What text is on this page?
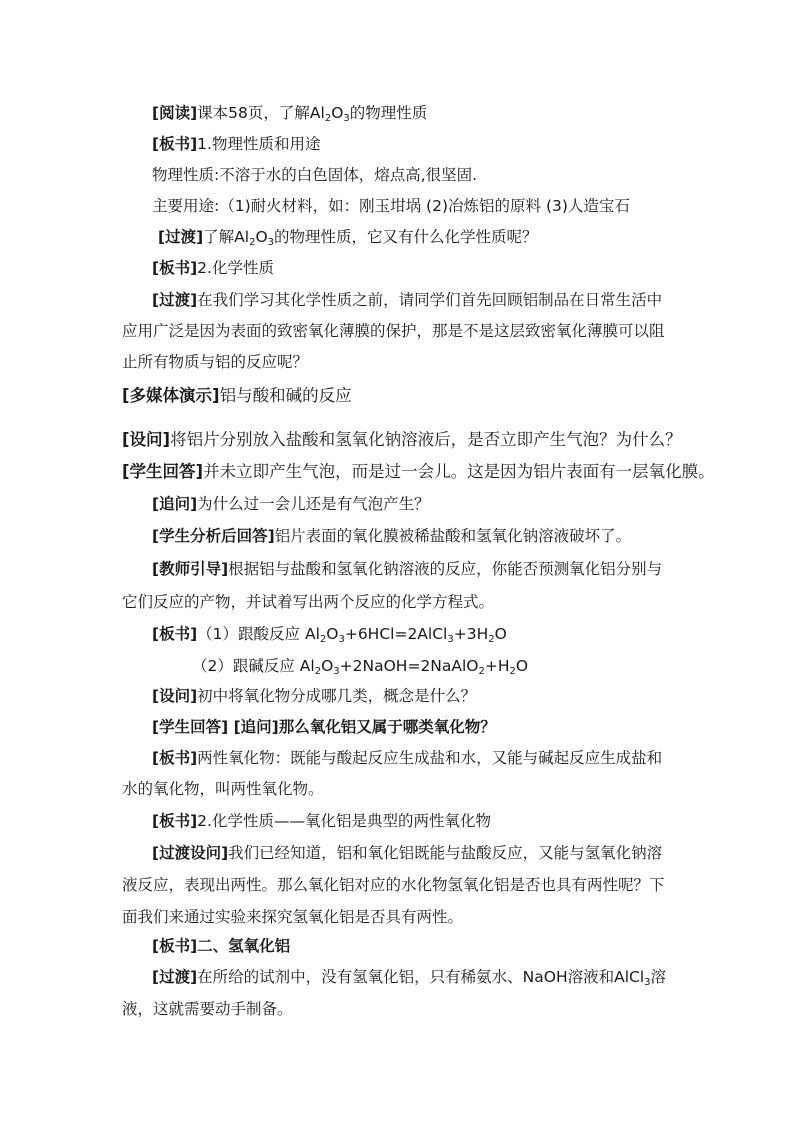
[阅读]课本58页，了解$Al_2O_3$的物理性质
[板书]1.物理性质和用途
物理性质:不溶于水的白色固体，熔点高,很坚固.
主要用途:（1)耐火材料，如：刚玉坩埚 (2)冶炼铝的原料 (3)人造宝石
[过渡]了解$Al_2O_3$的物理性质，它又有什么化学性质呢？
[板书]2.化学性质
[过渡]在我们学习其化学性质之前，请同学们首先回顾铝制品在日常生活中
应用广泛是因为表面的致密氧化薄膜的保护，那是不是这层致密氧化薄膜可以阻
止所有物质与铝的反应呢？
[多媒体演示]铝与酸和碱的反应
[设问]将铝片分别放入盐酸和氢氧化钠溶液后，是否立即产生气泡？为什么？
[学生回答]并未立即产生气泡，而是过一会儿。这是因为铝片表面有一层氧化膜。
[追问]为什么过一会儿还是有气泡产生？
[学生分析后回答]铝片表面的氧化膜被稀盐酸和氢氧化钠溶液破坏了。
[教师引导]根据铝与盐酸和氢氧化钠溶液的反应，你能否预测氧化铝分别与
它们反应的产物，并试着写出两个反应的化学方程式。
[板书]（1）跟酸反应 $Al_2O_3+6HCl=2AlCl_3+3H_2O$
（2）跟碱反应 $Al_2O_3+2NaOH=2NaAlO_2+H_2O$
[设问]初中将氧化物分成哪几类，概念是什么？
[学生回答] [追问]那么氧化铝又属于哪类氧化物？
[板书]两性氧化物：既能与酸起反应生成盐和水，又能与碱起反应生成盐和
水的氧化物，叫两性氧化物。
[板书]2.化学性质——氧化铝是典型的两性氧化物
[过渡设问]我们已经知道，铝和氧化铝既能与盐酸反应，又能与氢氧化钠溶
液反应，表现出两性。那么氧化铝对应的水化物氢氧化铝是否也具有两性呢？下
面我们来通过实验来探究氢氧化铝是否具有两性。
[板书]二、氢氧化铝
[过渡]在所给的试剂中，没有氢氧化铝，只有稀氨水、NaOH溶液和AlCl$_3$溶
液，这就需要动手制备。
